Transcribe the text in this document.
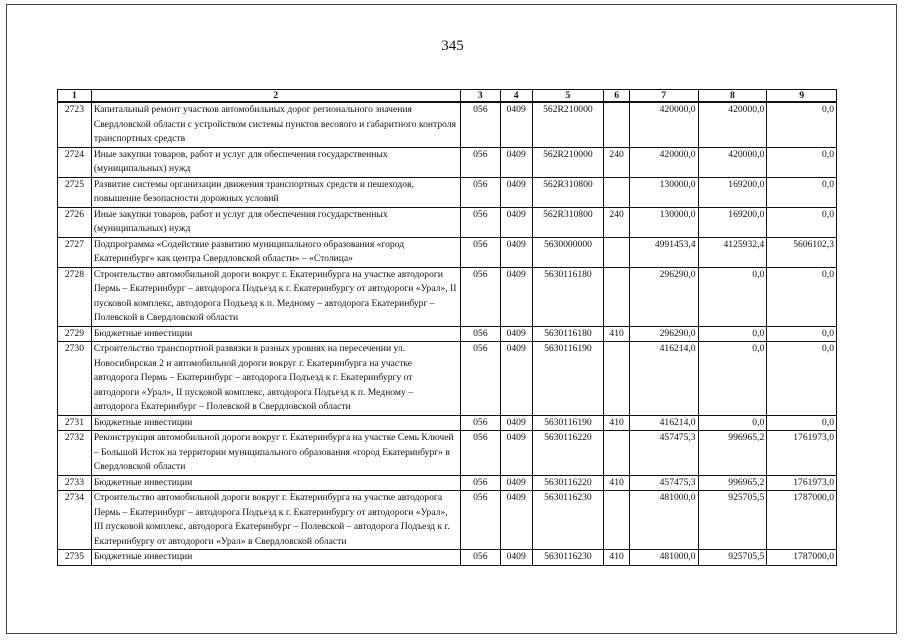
345
1	2	3	4	5	6	7	8	9
2723	Капитальный ремонт участков автомобильных дорог регионального значения Свердловской области с устройством системы пунктов весового и габаритного контроля транспортных средств	056	0409	562R210000		420000,0	420000,0	0,0
2724	Иные закупки товаров, работ и услуг для обеспечения государственных (муниципальных) нужд	056	0409	562R210000	240	420000,0	420000,0	0,0
2725	Развитие системы организации движения транспортных средств и пешеходов, повышение безопасности дорожных условий	056	0409	562R310800		130000,0	169200,0	0,0
2726	Иные закупки товаров, работ и услуг для обеспечения государственных (муниципальных) нужд	056	0409	562R310800	240	130000,0	169200,0	0,0
2727	Подпрограмма «Содействие развитию муниципального образования «город Екатеринбург» как центра Свердловской области» – «Столица»	056	0409	5630000000		4991453,4	4125932,4	5606102,3
2728	Строительство автомобильной дороги вокруг г. Екатеринбурга на участке автодороги Пермь – Екатеринбург – автодорога Подъезд к г. Екатеринбургу от автодороги «Урал», II пусковой комплекс, автодорога Подъезд к п. Медному – автодорога Екатеринбург – Полевской в Свердловской области	056	0409	5630116180		296290,0	0,0	0,0
2729	Бюджетные инвестиции	056	0409	5630116180	410	296290,0	0,0	0,0
2730	Строительство транспортной развязки в разных уровнях на пересечении ул. Новосибирская 2 и автомобильной дороги вокруг г. Екатеринбурга на участке автодорога Пермь – Екатеринбург – автодорога Подъезд к г. Екатеринбургу от автодороги «Урал», II пусковой комплекс, автодорога Подъезд к п. Медному – автодорога Екатеринбург – Полевской в Свердловской области	056	0409	5630116190		416214,0	0,0	0,0
2731	Бюджетные инвестиции	056	0409	5630116190	410	416214,0	0,0	0,0
2732	Реконструкция автомобильной дороги вокруг г. Екатеринбурга на участке Семь Ключей – Большой Исток на территории муниципального образования «город Екатеринбург» в Свердловской области	056	0409	5630116220		457475,3	996965,2	1761973,0
2733	Бюджетные инвестиции	056	0409	5630116220	410	457475,3	996965,2	1761973,0
2734	Строительство автомобильной дороги вокруг г. Екатеринбурга на участке автодорога Пермь – Екатеринбург – автодорога Подъезд к г. Екатеринбургу от автодороги «Урал», III пусковой комплекс, автодорога Екатеринбург – Полевской – автодорога Подъезд к г. Екатеринбургу от автодороги «Урал» в Свердловской области	056	0409	5630116230		481000,0	925705,5	1787000,0
2735	Бюджетные инвестиции	056	0409	5630116230	410	481000,0	925705,5	1787000,0
